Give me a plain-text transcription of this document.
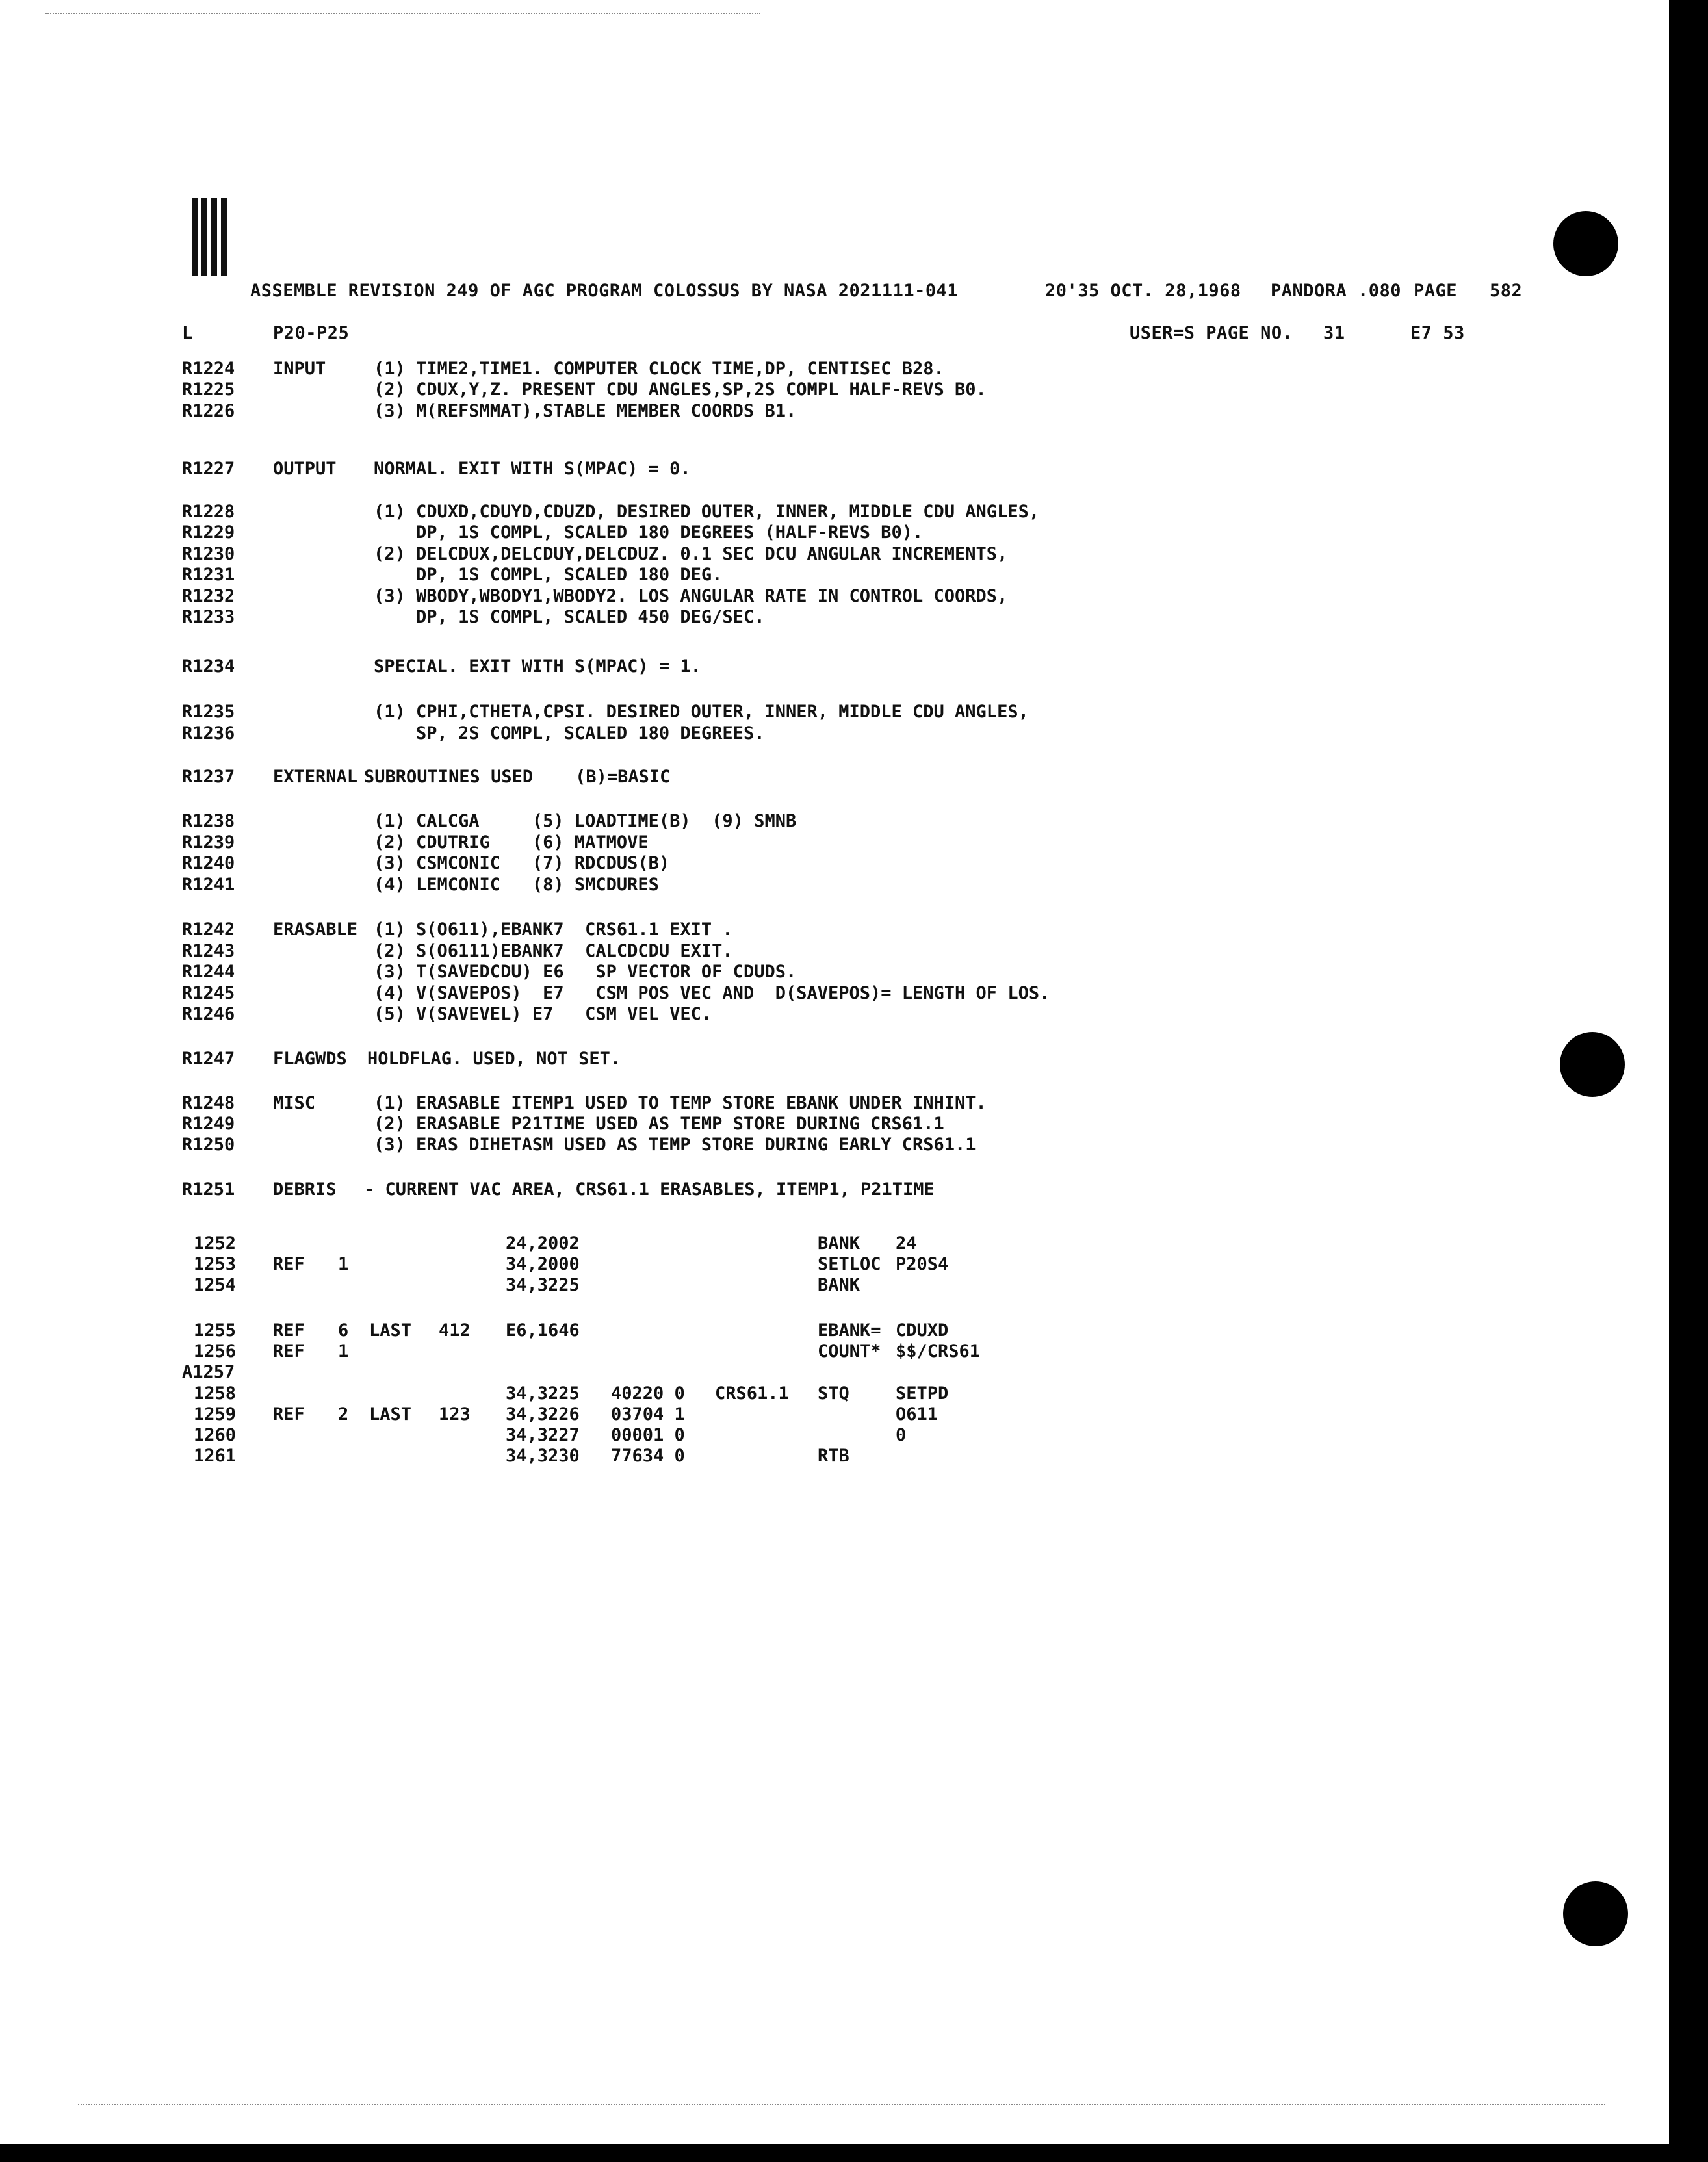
ASSEMBLE REVISION 249 OF AGC PROGRAM COLOSSUS BY NASA 2021111-041	20'35 OCT. 28,1968 PANDORA .080 PAGE 582
L	P20-P25	USER=S PAGE NO. 31	E7 53
R1224 INPUT	(1) TIME2,TIME1. COMPUTER CLOCK TIME,DP, CENTISEC B28.
R1225	(2) CDUX,Y,Z. PRESENT CDU ANGLES,SP,2S COMPL HALF-REVS B0.
R1226	(3) M(REFSMMAT),STABLE MEMBER COORDS B1.
R1227 OUTPUT NORMAL. EXIT WITH S(MPAC) = 0.
R1228	(1) CDUXD,CDUYD,CDUZD, DESIRED OUTER, INNER, MIDDLE CDU ANGLES,
R1229	DP, 1S COMPL, SCALED 180 DEGREES (HALF-REVS B0).
R1230	(2) DELCDUX,DELCDUY,DELCDUZ. 0.1 SEC DCU ANGULAR INCREMENTS,
R1231	DP, 1S COMPL, SCALED 180 DEG.
R1232	(3) WBODY,WBODY1,WBODY2. LOS ANGULAR RATE IN CONTROL COORDS,
R1233	DP, 1S COMPL, SCALED 450 DEG/SEC.
R1234	SPECIAL. EXIT WITH S(MPAC) = 1.
R1235	(1) CPHI,CTHETA,CPSI. DESIRED OUTER, INNER, MIDDLE CDU ANGLES,
R1236	SP, 2S COMPL, SCALED 180 DEGREES.
R1237 EXTERNAL SUBROUTINES USED    (B)=BASIC
R1238	(1) CALCGA     (5) LOADTIME(B)  (9) SMNB
R1239	(2) CDUTRIG    (6) MATMOVE
R1240	(3) CSMCONIC   (7) RDCDUS(B)
R1241	(4) LEMCONIC   (8) SMCDURES
R1242 ERASABLE (1) S(O611),EBANK7  CRS61.1 EXIT .
R1243	(2) S(O6111)EBANK7  CALCDCDU EXIT.
R1244	(3) T(SAVEDCDU) E6   SP VECTOR OF CDUDS.
R1245	(4) V(SAVEPOS)  E7   CSM POS VEC AND  D(SAVEPOS)= LENGTH OF LOS.
R1246	(5) V(SAVEVEL) E7   CSM VEL VEC.
R1247 FLAGWDS HOLDFLAG. USED, NOT SET.
R1248 MISC	(1) ERASABLE ITEMP1 USED TO TEMP STORE EBANK UNDER INHINT.
R1249	(2) ERASABLE P21TIME USED AS TEMP STORE DURING CRS61.1
R1250	(3) ERAS DIHETASM USED AS TEMP STORE DURING EARLY CRS61.1
R1251 DEBRIS - CURRENT VAC AREA, CRS61.1 ERASABLES, ITEMP1, P21TIME
1252	24,2002	BANK 24
1253 REF 1	34,2000	SETLOC P20S4
1254	34,3225	BANK
1255 REF 6 LAST 412 E6,1646	EBANK= CDUXD
1256 REF 1	COUNT* $$/CRS61
A1257
1258	34,3225 40220 0 CRS61.1 STQ	SETPD
1259 REF 2 LAST 123 34,3226 03704 1	O611
1260	34,3227 00001 0	0
1261	34,3230 77634 0	RTB
